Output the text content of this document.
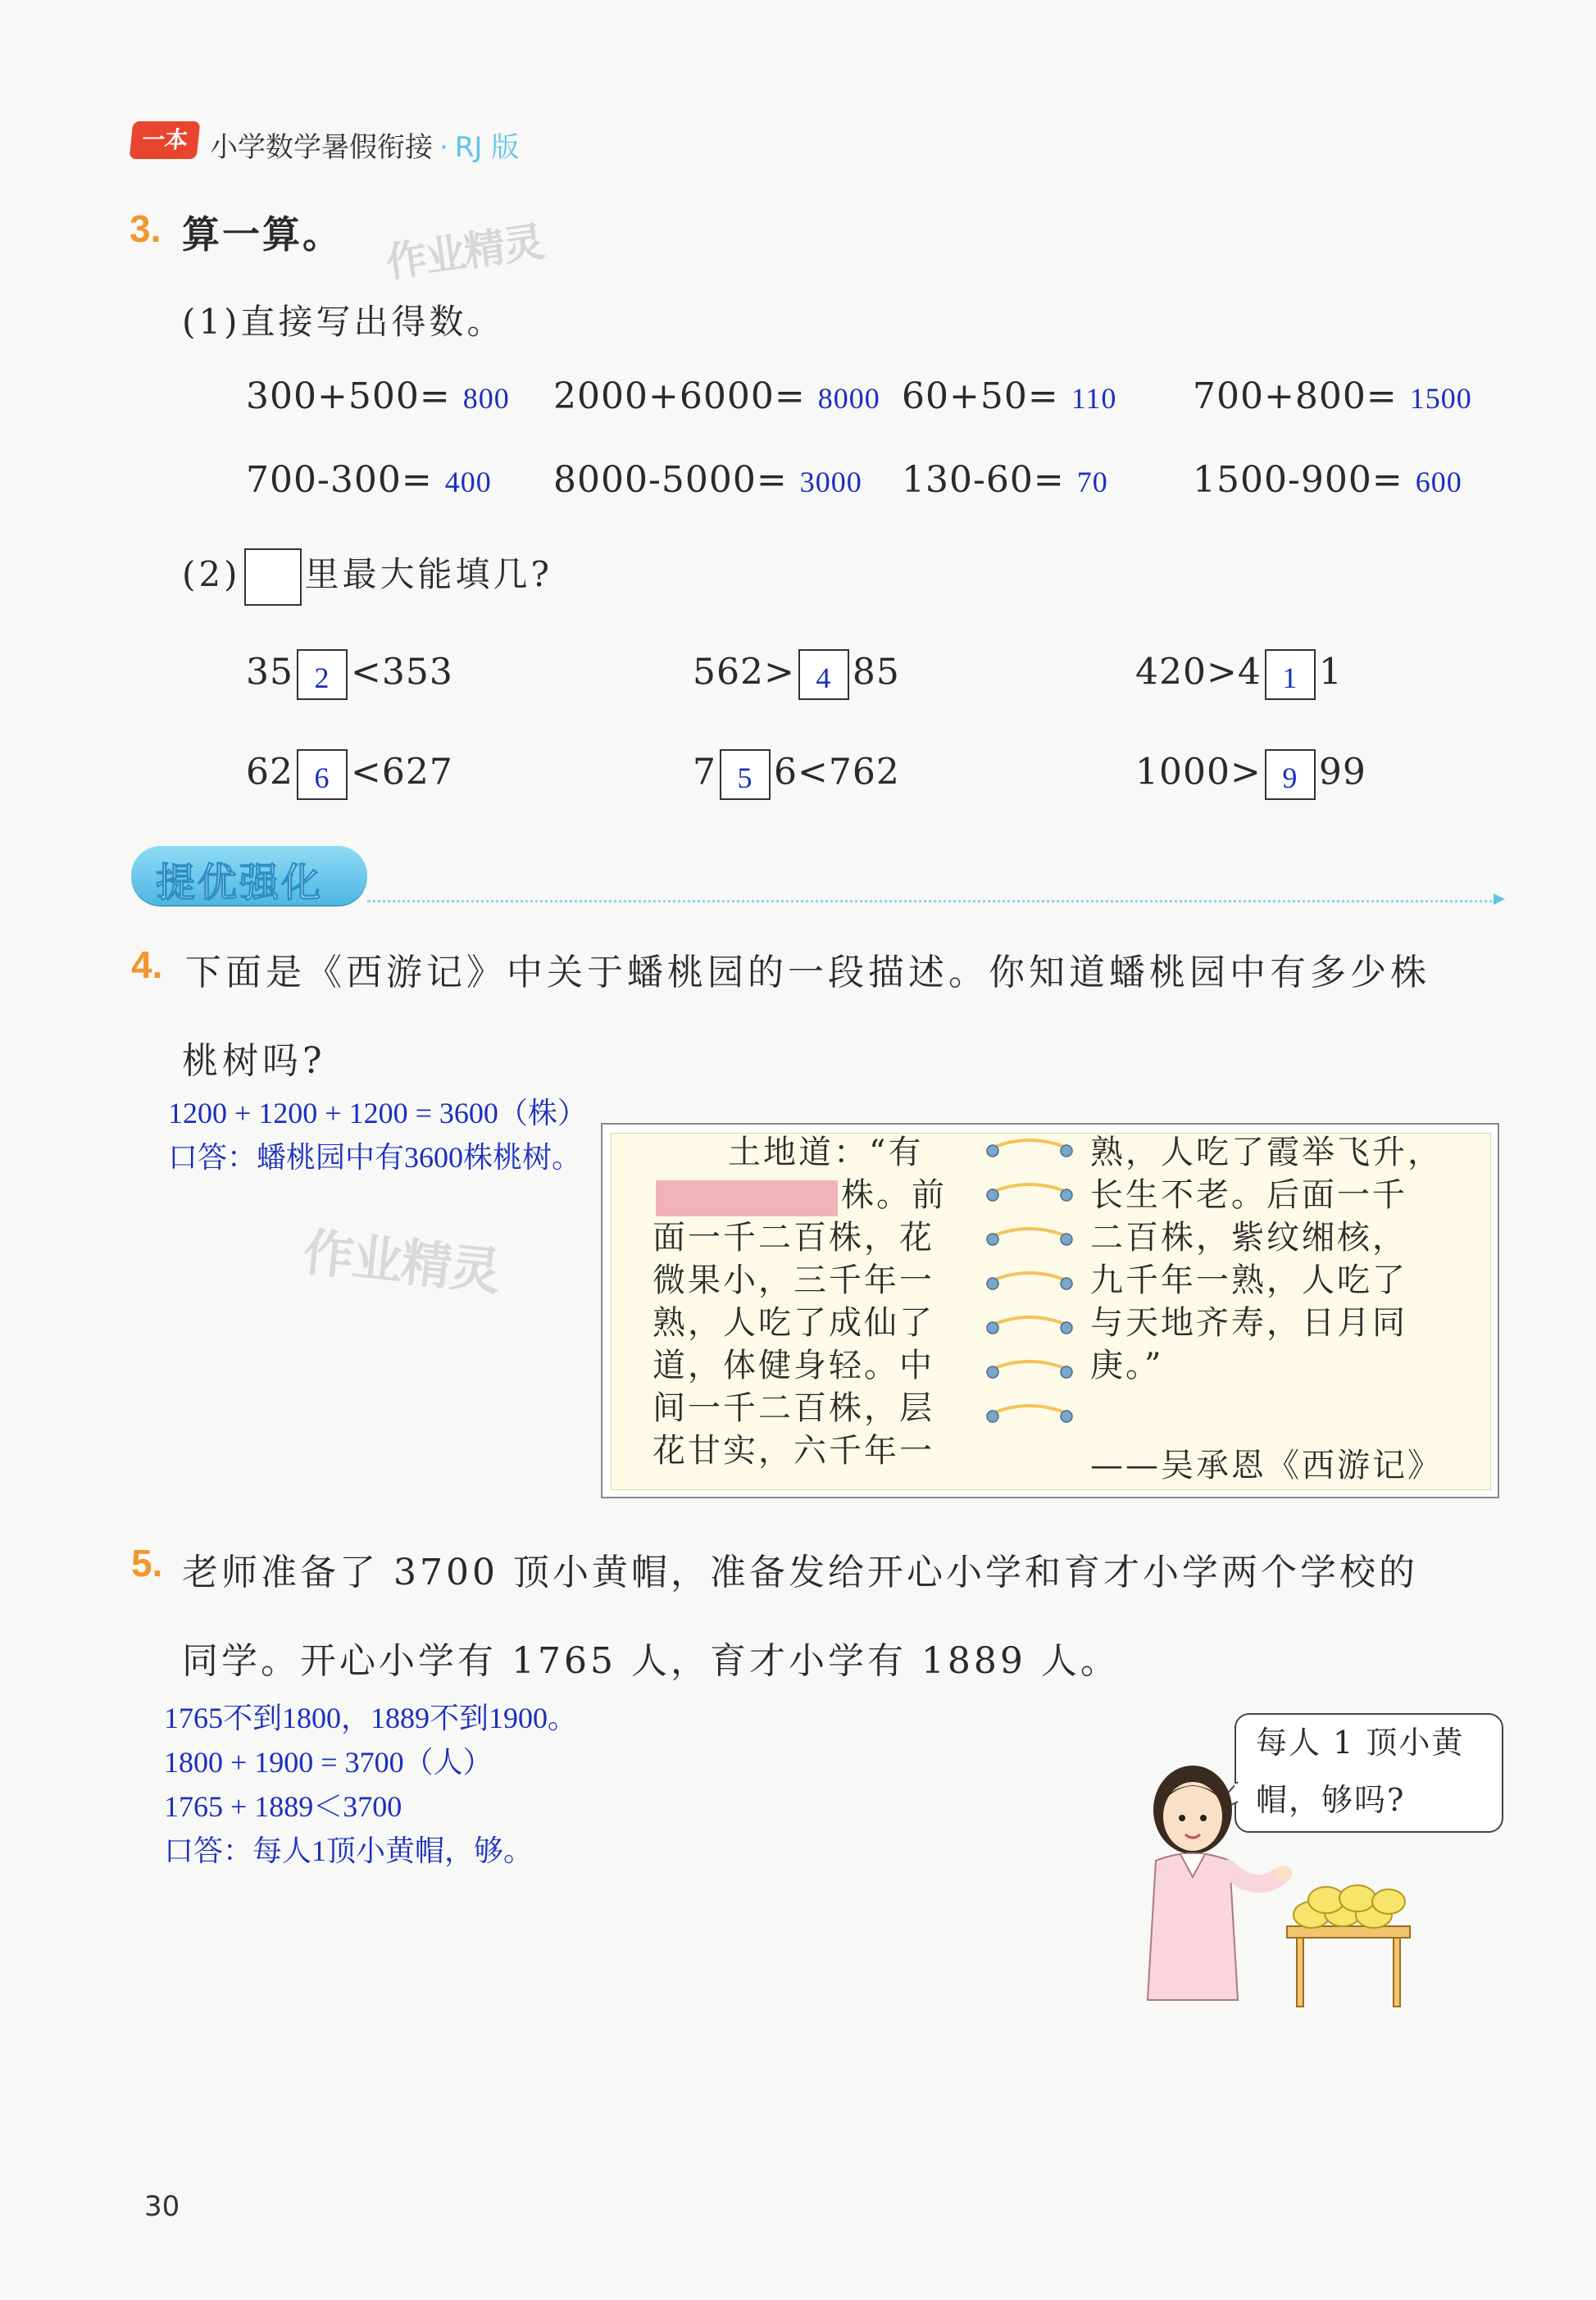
一本 小学数学暑假衔接 · RJ 版
3. 算一算。 作业精灵
(1)直接写出得数。
300+500= 800 2000+6000= 8000 60+50= 110 700+800= 1500
700-300= 400 8000-5000= 3000 130-60= 70 1500-900= 600
(2) 里最大能填几?
35 2 <353	562> 4 85	420>4 1 1
62 6 <627	7 5 6<762	1000> 9 99
提优强化
4. 下面是《西游记》中关于蟠桃园的一段描述。你知道蟠桃园中有多少株
桃树吗?
1200 + 1200 + 1200 = 3600（株）
口答：蟠桃园中有3600株桃树。
作业精灵
土地道：“有
株。前
面一千二百株，花
微果小，三千年一
熟，人吃了成仙了
道，体健身轻。中
间一千二百株，层
花甘实，六千年一
熟，人吃了霞举飞升，
长生不老。后面一千
二百株，紫纹缃核，
九千年一熟，人吃了
与天地齐寿，日月同
庚。”
——吴承恩《西游记》
5. 老师准备了 3700 顶小黄帽，准备发给开心小学和育才小学两个学校的
同学。开心小学有 1765 人，育才小学有 1889 人。
1765不到1800，1889不到1900。
1800 + 1900 = 3700（人）
1765 + 1889＜3700
口答：每人1顶小黄帽，够。
每人 1 顶小黄
帽，够吗?
30
